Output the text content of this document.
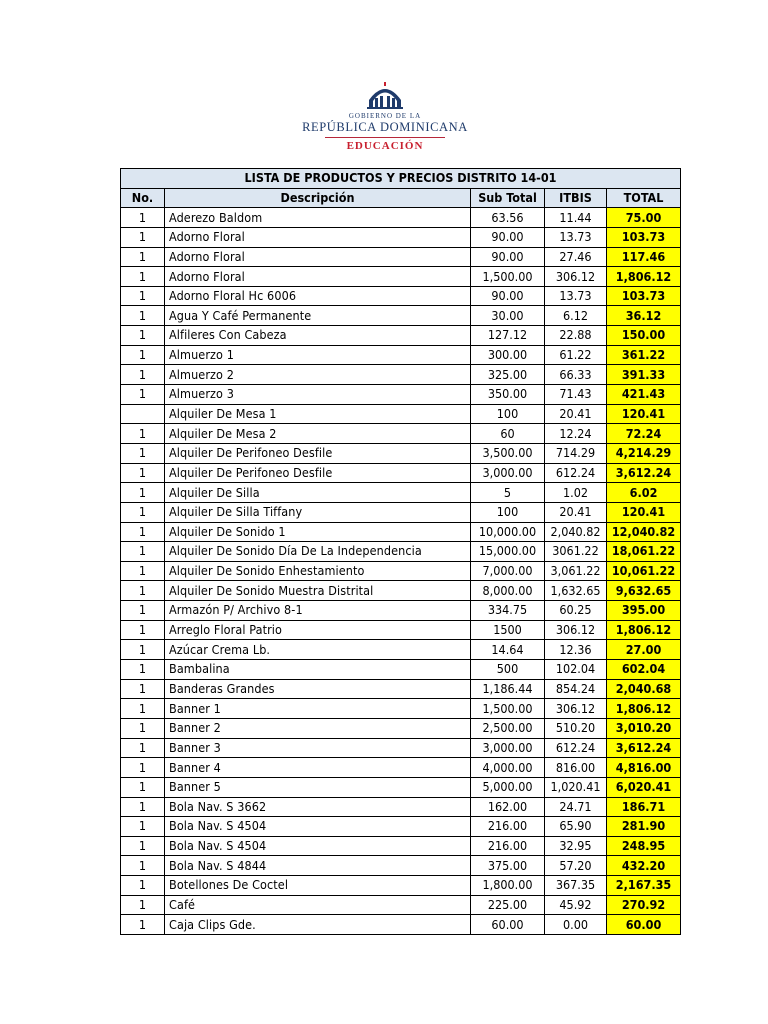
GOBIERNO DE LA
REPÚBLICA DOMINICANA
EDUCACIÓN
LISTA DE PRODUCTOS Y PRECIOS DISTRITO 14-01				
No.	Descripción	Sub Total	ITBIS	TOTAL
1	Aderezo Baldom	63.56	11.44	75.00
1	Adorno Floral	90.00	13.73	103.73
1	Adorno Floral	90.00	27.46	117.46
1	Adorno Floral	1,500.00	306.12	1,806.12
1	Adorno Floral Hc 6006	90.00	13.73	103.73
1	Agua Y Café Permanente	30.00	6.12	36.12
1	Alfileres Con Cabeza	127.12	22.88	150.00
1	Almuerzo 1	300.00	61.22	361.22
1	Almuerzo 2	325.00	66.33	391.33
1	Almuerzo 3	350.00	71.43	421.43
	Alquiler De Mesa 1	100	20.41	120.41
1	Alquiler De Mesa 2	60	12.24	72.24
1	Alquiler De Perifoneo Desfile	3,500.00	714.29	4,214.29
1	Alquiler De Perifoneo Desfile	3,000.00	612.24	3,612.24
1	Alquiler De Silla	5	1.02	6.02
1	Alquiler De Silla Tiffany	100	20.41	120.41
1	Alquiler De Sonido 1	10,000.00	2,040.82	12,040.82
1	Alquiler De Sonido Día De La Independencia	15,000.00	3061.22	18,061.22
1	Alquiler De Sonido Enhestamiento	7,000.00	3,061.22	10,061.22
1	Alquiler De Sonido Muestra Distrital	8,000.00	1,632.65	9,632.65
1	Armazón P/ Archivo 8-1	334.75	60.25	395.00
1	Arreglo Floral Patrio	1500	306.12	1,806.12
1	Azúcar Crema Lb.	14.64	12.36	27.00
1	Bambalina	500	102.04	602.04
1	Banderas Grandes	1,186.44	854.24	2,040.68
1	Banner 1	1,500.00	306.12	1,806.12
1	Banner 2	2,500.00	510.20	3,010.20
1	Banner 3	3,000.00	612.24	3,612.24
1	Banner 4	4,000.00	816.00	4,816.00
1	Banner 5	5,000.00	1,020.41	6,020.41
1	Bola Nav. S 3662	162.00	24.71	186.71
1	Bola Nav. S 4504	216.00	65.90	281.90
1	Bola Nav. S 4504	216.00	32.95	248.95
1	Bola Nav. S 4844	375.00	57.20	432.20
1	Botellones De Coctel	1,800.00	367.35	2,167.35
1	Café	225.00	45.92	270.92
1	Caja Clips Gde.	60.00	0.00	60.00
